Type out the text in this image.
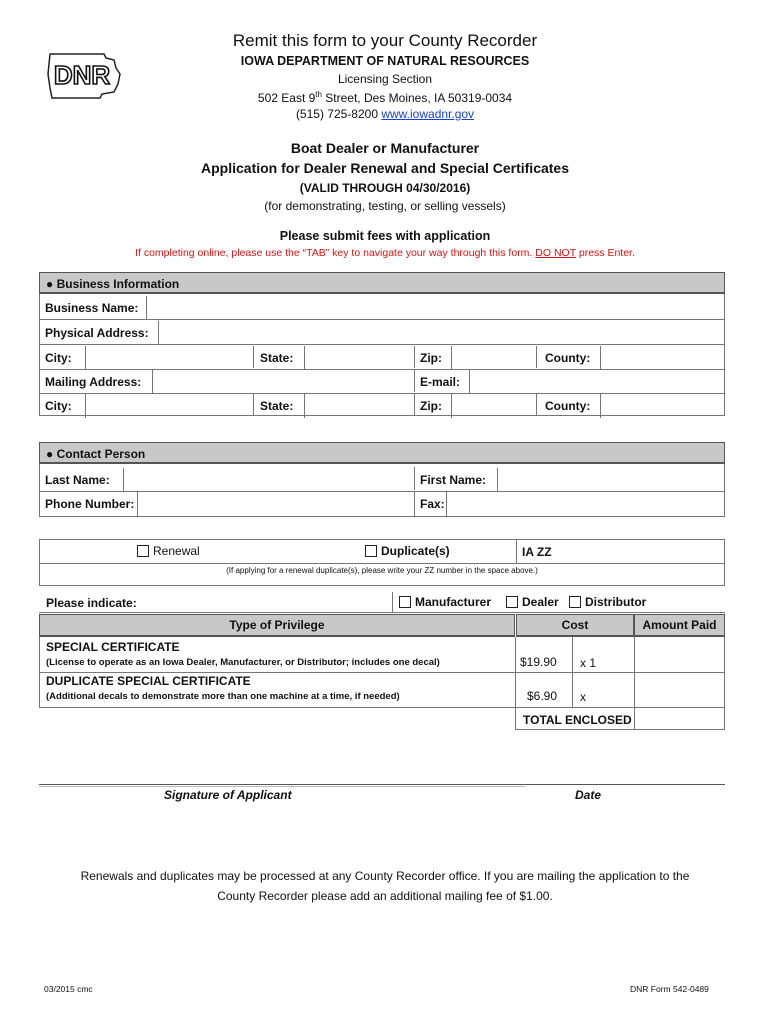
DNR
Remit this form to your County Recorder
IOWA DEPARTMENT OF NATURAL RESOURCES
Licensing Section
502 East 9th Street, Des Moines, IA 50319-0034
(515) 725-8200 www.iowadnr.gov
Boat Dealer or Manufacturer
Application for Dealer Renewal and Special Certificates
(VALID THROUGH 04/30/2016)
(for demonstrating, testing, or selling vessels)
Please submit fees with application
If completing online, please use the “TAB” key to navigate your way through this form. DO NOT press Enter.
● Business Information
Business Name:
Physical Address:
City:	State:	Zip:	County:
Mailing Address:	E-mail:
City:	State:	Zip:	County:
● Contact Person
Last Name:	First Name:
Phone Number:	Fax:
Renewal	Duplicate(s)	IA ZZ
(If applying for a renewal duplicate(s), please write your ZZ number in the space above.)
Please indicate:	Manufacturer	Dealer	Distributor
Type of Privilege	Cost	Amount Paid
SPECIAL CERTIFICATE
(License to operate as an Iowa Dealer, Manufacturer, or Distributor; includes one decal)	$19.90 x 1
DUPLICATE SPECIAL CERTIFICATE
(Additional decals to demonstrate more than one machine at a time, if needed)	$6.90 x
TOTAL ENCLOSED
Signature of Applicant	Date
Renewals and duplicates may be processed at any County Recorder office. If you are mailing the application to the
County Recorder please add an additional mailing fee of $1.00.
03/2015 cmc	DNR Form 542-0489
